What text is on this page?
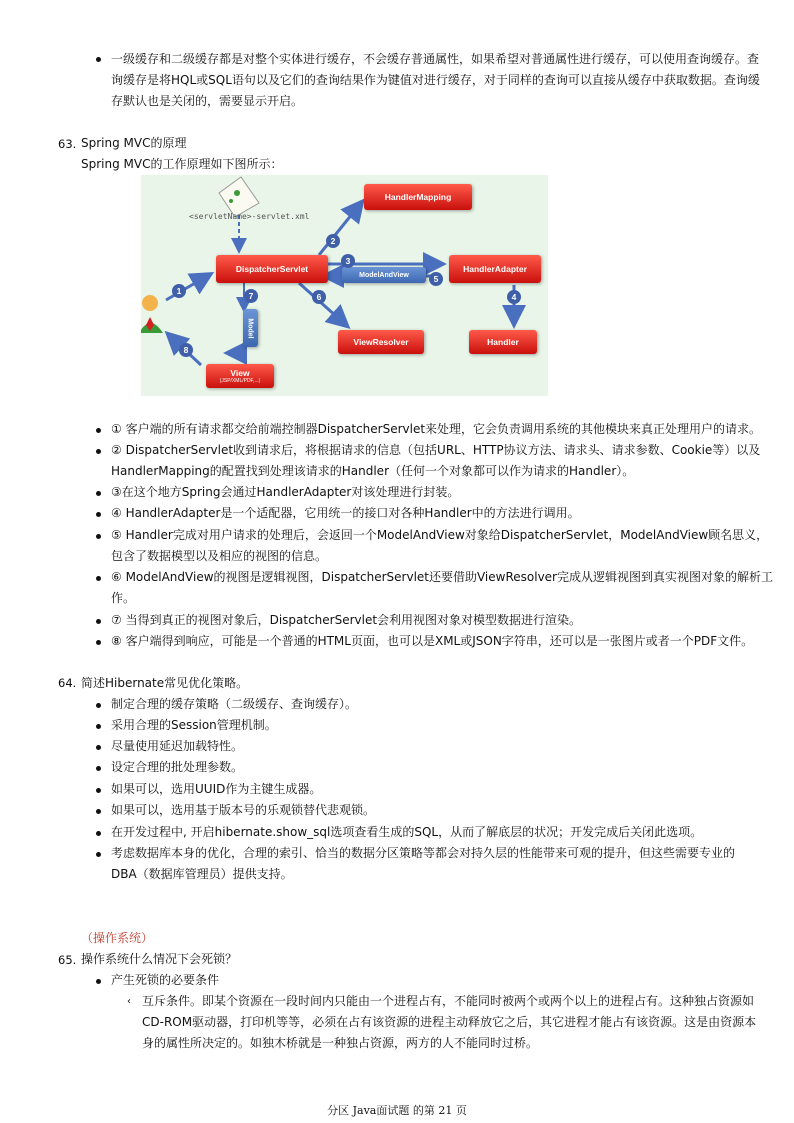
一级缓存和二级缓存都是对整个实体进行缓存，不会缓存普通属性，如果希望对普通属性进行缓存，可以使用查询缓存。查
询缓存是将HQL或SQL语句以及它们的查询结果作为键值对进行缓存，对于同样的查询可以直接从缓存中获取数据。查询缓
存默认也是关闭的，需要显示开启。
63. Spring MVC的原理
Spring MVC的工作原理如下图所示：
<servletName>-servlet.xml
DispatcherServlet
HandlerMapping
HandlerAdapter
ModelAndView
ViewResolver	Handler
Model
View
(JSP/XML/PDF,...)
1
2
3
4
5
6
7
8
① 客户端的所有请求都交给前端控制器DispatcherServlet来处理，它会负责调用系统的其他模块来真正处理用户的请求。
② DispatcherServlet收到请求后，将根据请求的信息（包括URL、HTTP协议方法、请求头、请求参数、Cookie等）以及
HandlerMapping的配置找到处理该请求的Handler（任何一个对象都可以作为请求的Handler）。
③在这个地方Spring会通过HandlerAdapter对该处理进行封装。
④ HandlerAdapter是一个适配器，它用统一的接口对各种Handler中的方法进行调用。
⑤ Handler完成对用户请求的处理后，会返回一个ModelAndView对象给DispatcherServlet，ModelAndView顾名思义，
包含了数据模型以及相应的视图的信息。
⑥ ModelAndView的视图是逻辑视图，DispatcherServlet还要借助ViewResolver完成从逻辑视图到真实视图对象的解析工
作。
⑦ 当得到真正的视图对象后，DispatcherServlet会利用视图对象对模型数据进行渲染。
⑧ 客户端得到响应，可能是一个普通的HTML页面，也可以是XML或JSON字符串，还可以是一张图片或者一个PDF文件。
64. 简述Hibernate常见优化策略。
制定合理的缓存策略（二级缓存、查询缓存）。
采用合理的Session管理机制。
尽量使用延迟加载特性。
设定合理的批处理参数。
如果可以，选用UUID作为主键生成器。
如果可以，选用基于版本号的乐观锁替代悲观锁。
在开发过程中, 开启hibernate.show_sql选项查看生成的SQL，从而了解底层的状况；开发完成后关闭此选项。
考虑数据库本身的优化，合理的索引、恰当的数据分区策略等都会对持久层的性能带来可观的提升，但这些需要专业的
DBA（数据库管理员）提供支持。
（操作系统）
65. 操作系统什么情况下会死锁？
产生死锁的必要条件
‹ 互斥条件。即某个资源在一段时间内只能由一个进程占有，不能同时被两个或两个以上的进程占有。这种独占资源如
CD-ROM驱动器，打印机等等，必须在占有该资源的进程主动释放它之后，其它进程才能占有该资源。这是由资源本
身的属性所决定的。如独木桥就是一种独占资源，两方的人不能同时过桥。
分区 Java面试题 的第 21 页
